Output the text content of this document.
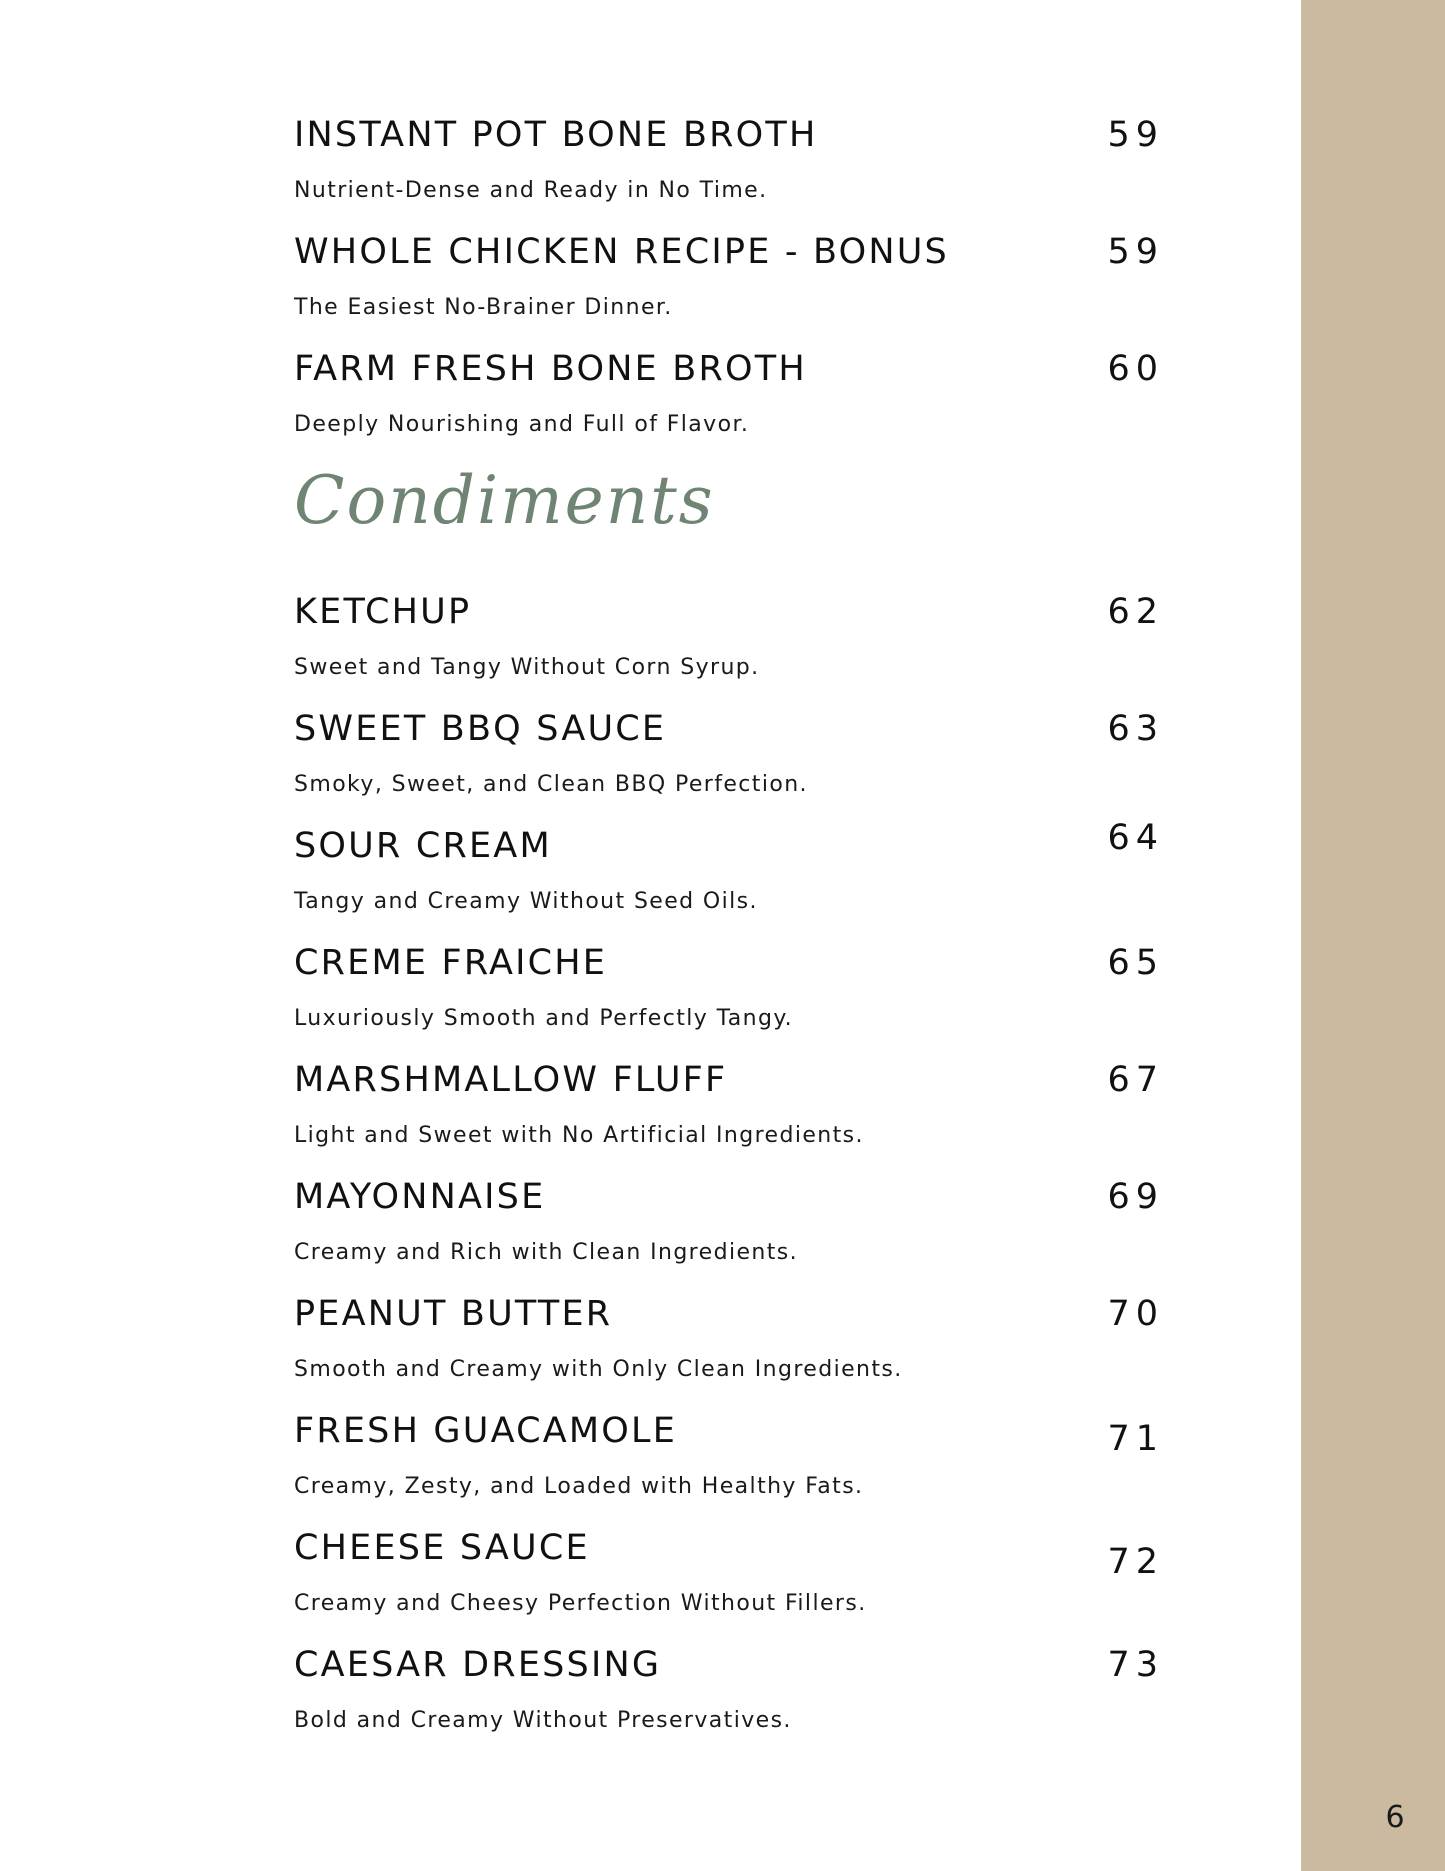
6
INSTANT POT BONE BROTH	59
Nutrient-Dense and Ready in No Time.
WHOLE CHICKEN RECIPE - BONUS	59
The Easiest No-Brainer Dinner.
FARM FRESH BONE BROTH	60
Deeply Nourishing and Full of Flavor.
Condiments
KETCHUP	62
Sweet and Tangy Without Corn Syrup.
SWEET BBQ SAUCE	63
Smoky, Sweet, and Clean BBQ Perfection.
SOUR CREAM	64
Tangy and Creamy Without Seed Oils.
CREME FRAICHE	65
Luxuriously Smooth and Perfectly Tangy.
MARSHMALLOW FLUFF	67
Light and Sweet with No Artificial Ingredients.
MAYONNAISE	69
Creamy and Rich with Clean Ingredients.
PEANUT BUTTER	70
Smooth and Creamy with Only Clean Ingredients.
FRESH GUACAMOLE	71
Creamy, Zesty, and Loaded with Healthy Fats.
CHEESE SAUCE	72
Creamy and Cheesy Perfection Without Fillers.
CAESAR DRESSING	73
Bold and Creamy Without Preservatives.
